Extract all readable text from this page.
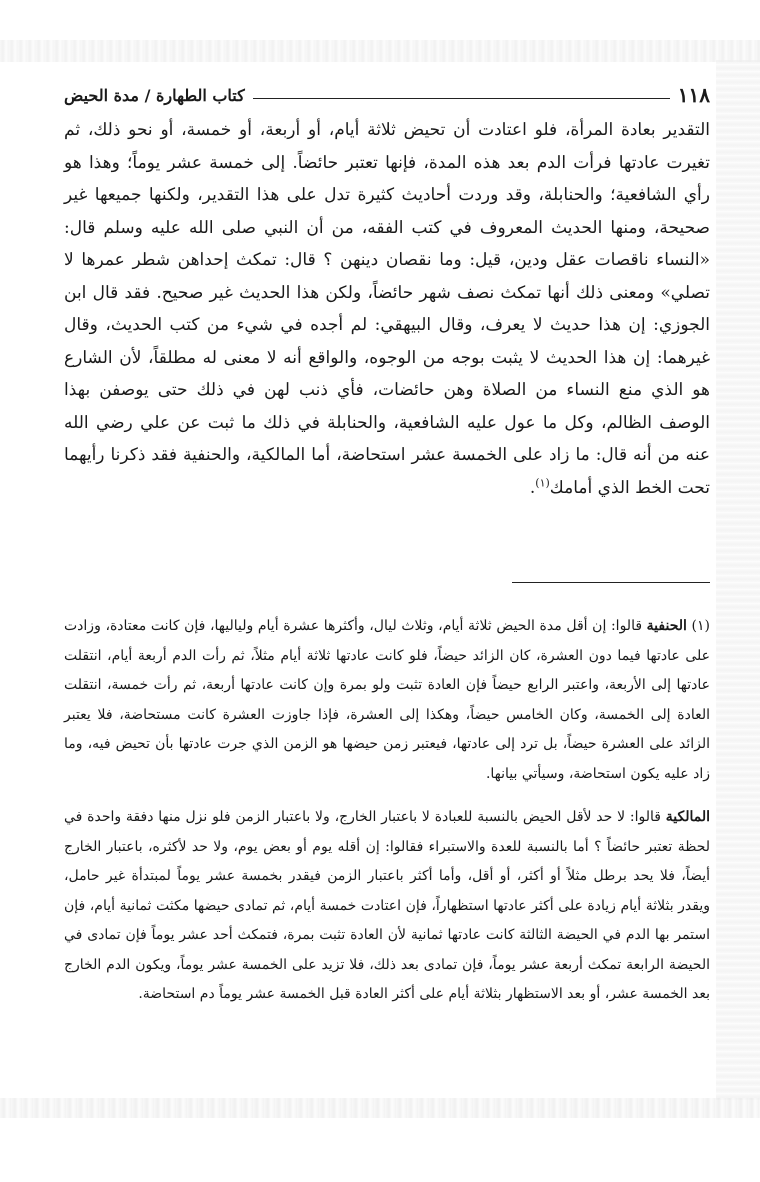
١١٨
كتاب الطهارة / مدة الحيض

التقدير بعادة المرأة، فلو اعتادت أن تحيض ثلاثة أيام، أو أربعة، أو خمسة، أو نحو ذلك، ثم تغيرت عادتها فرأت الدم بعد هذه المدة، فإنها تعتبر حائضاً. إلى خمسة عشر يوماً؛ وهذا هو رأي الشافعية؛ والحنابلة، وقد وردت أحاديث كثيرة تدل على هذا التقدير، ولكنها جميعها غير صحيحة، ومنها الحديث المعروف في كتب الفقه، من أن النبي صلى الله عليه وسلم قال: «النساء ناقصات عقل ودين، قيل: وما نقصان دينهن ؟ قال: تمكث إحداهن شطر عمرها لا تصلي» ومعنى ذلك أنها تمكث نصف شهر حائضاً، ولكن هذا الحديث غير صحيح. فقد قال ابن الجوزي: إن هذا حديث لا يعرف، وقال البيهقي: لم أجده في شيء من كتب الحديث، وقال غيرهما: إن هذا الحديث لا يثبت بوجه من الوجوه، والواقع أنه لا معنى له مطلقاً، لأن الشارع هو الذي منع النساء من الصلاة وهن حائضات، فأي ذنب لهن في ذلك حتى يوصفن بهذا الوصف الظالم، وكل ما عول عليه الشافعية، والحنابلة في ذلك ما ثبت عن علي رضي الله عنه من أنه قال: ما زاد على الخمسة عشر استحاضة، أما المالكية، والحنفية فقد ذكرنا رأيهما تحت الخط الذي أمامك$^{(١)}$.

(١) الحنفية قالوا: إن أقل مدة الحيض ثلاثة أيام، وثلاث ليال، وأكثرها عشرة أيام ولياليها، فإن كانت معتادة، وزادت على عادتها فيما دون العشرة، كان الزائد حيضاً، فلو كانت عادتها ثلاثة أيام مثلاً، ثم رأت الدم أربعة أيام، انتقلت عادتها إلى الأربعة، واعتبر الرابع حيضاً فإن العادة تثبت ولو بمرة وإن كانت عادتها أربعة، ثم رأت خمسة، انتقلت العادة إلى الخمسة، وكان الخامس حيضاً، وهكذا إلى العشرة، فإذا جاوزت العشرة كانت مستحاضة، فلا يعتبر الزائد على العشرة حيضاً، بل ترد إلى عادتها، فيعتبر زمن حيضها هو الزمن الذي جرت عادتها بأن تحيض فيه، وما زاد عليه يكون استحاضة، وسيأتي بيانها.

المالكية قالوا: لا حد لأقل الحيض بالنسبة للعبادة لا باعتبار الخارج، ولا باعتبار الزمن فلو نزل منها دفقة واحدة في لحظة تعتبر حائضاً ؟ أما بالنسبة للعدة والاستبراء فقالوا: إن أقله يوم أو بعض يوم، ولا حد لأكثره، باعتبار الخارج أيضاً، فلا يحد برطل مثلاً أو أكثر، أو أقل، وأما أكثر باعتبار الزمن فيقدر بخمسة عشر يوماً لمبتدأة غير حامل، ويقدر بثلاثة أيام زيادة على أكثر عادتها استظهاراً، فإن اعتادت خمسة أيام، ثم تمادى حيضها مكثت ثمانية أيام، فإن استمر بها الدم في الحيضة الثالثة كانت عادتها ثمانية لأن العادة تثبت بمرة، فتمكث أحد عشر يوماً فإن تمادى في الحيضة الرابعة تمكث أربعة عشر يوماً، فإن تمادى بعد ذلك، فلا تزيد على الخمسة عشر يوماً، ويكون الدم الخارج بعد الخمسة عشر، أو بعد الاستظهار بثلاثة أيام على أكثر العادة قبل الخمسة عشر يوماً دم استحاضة.
